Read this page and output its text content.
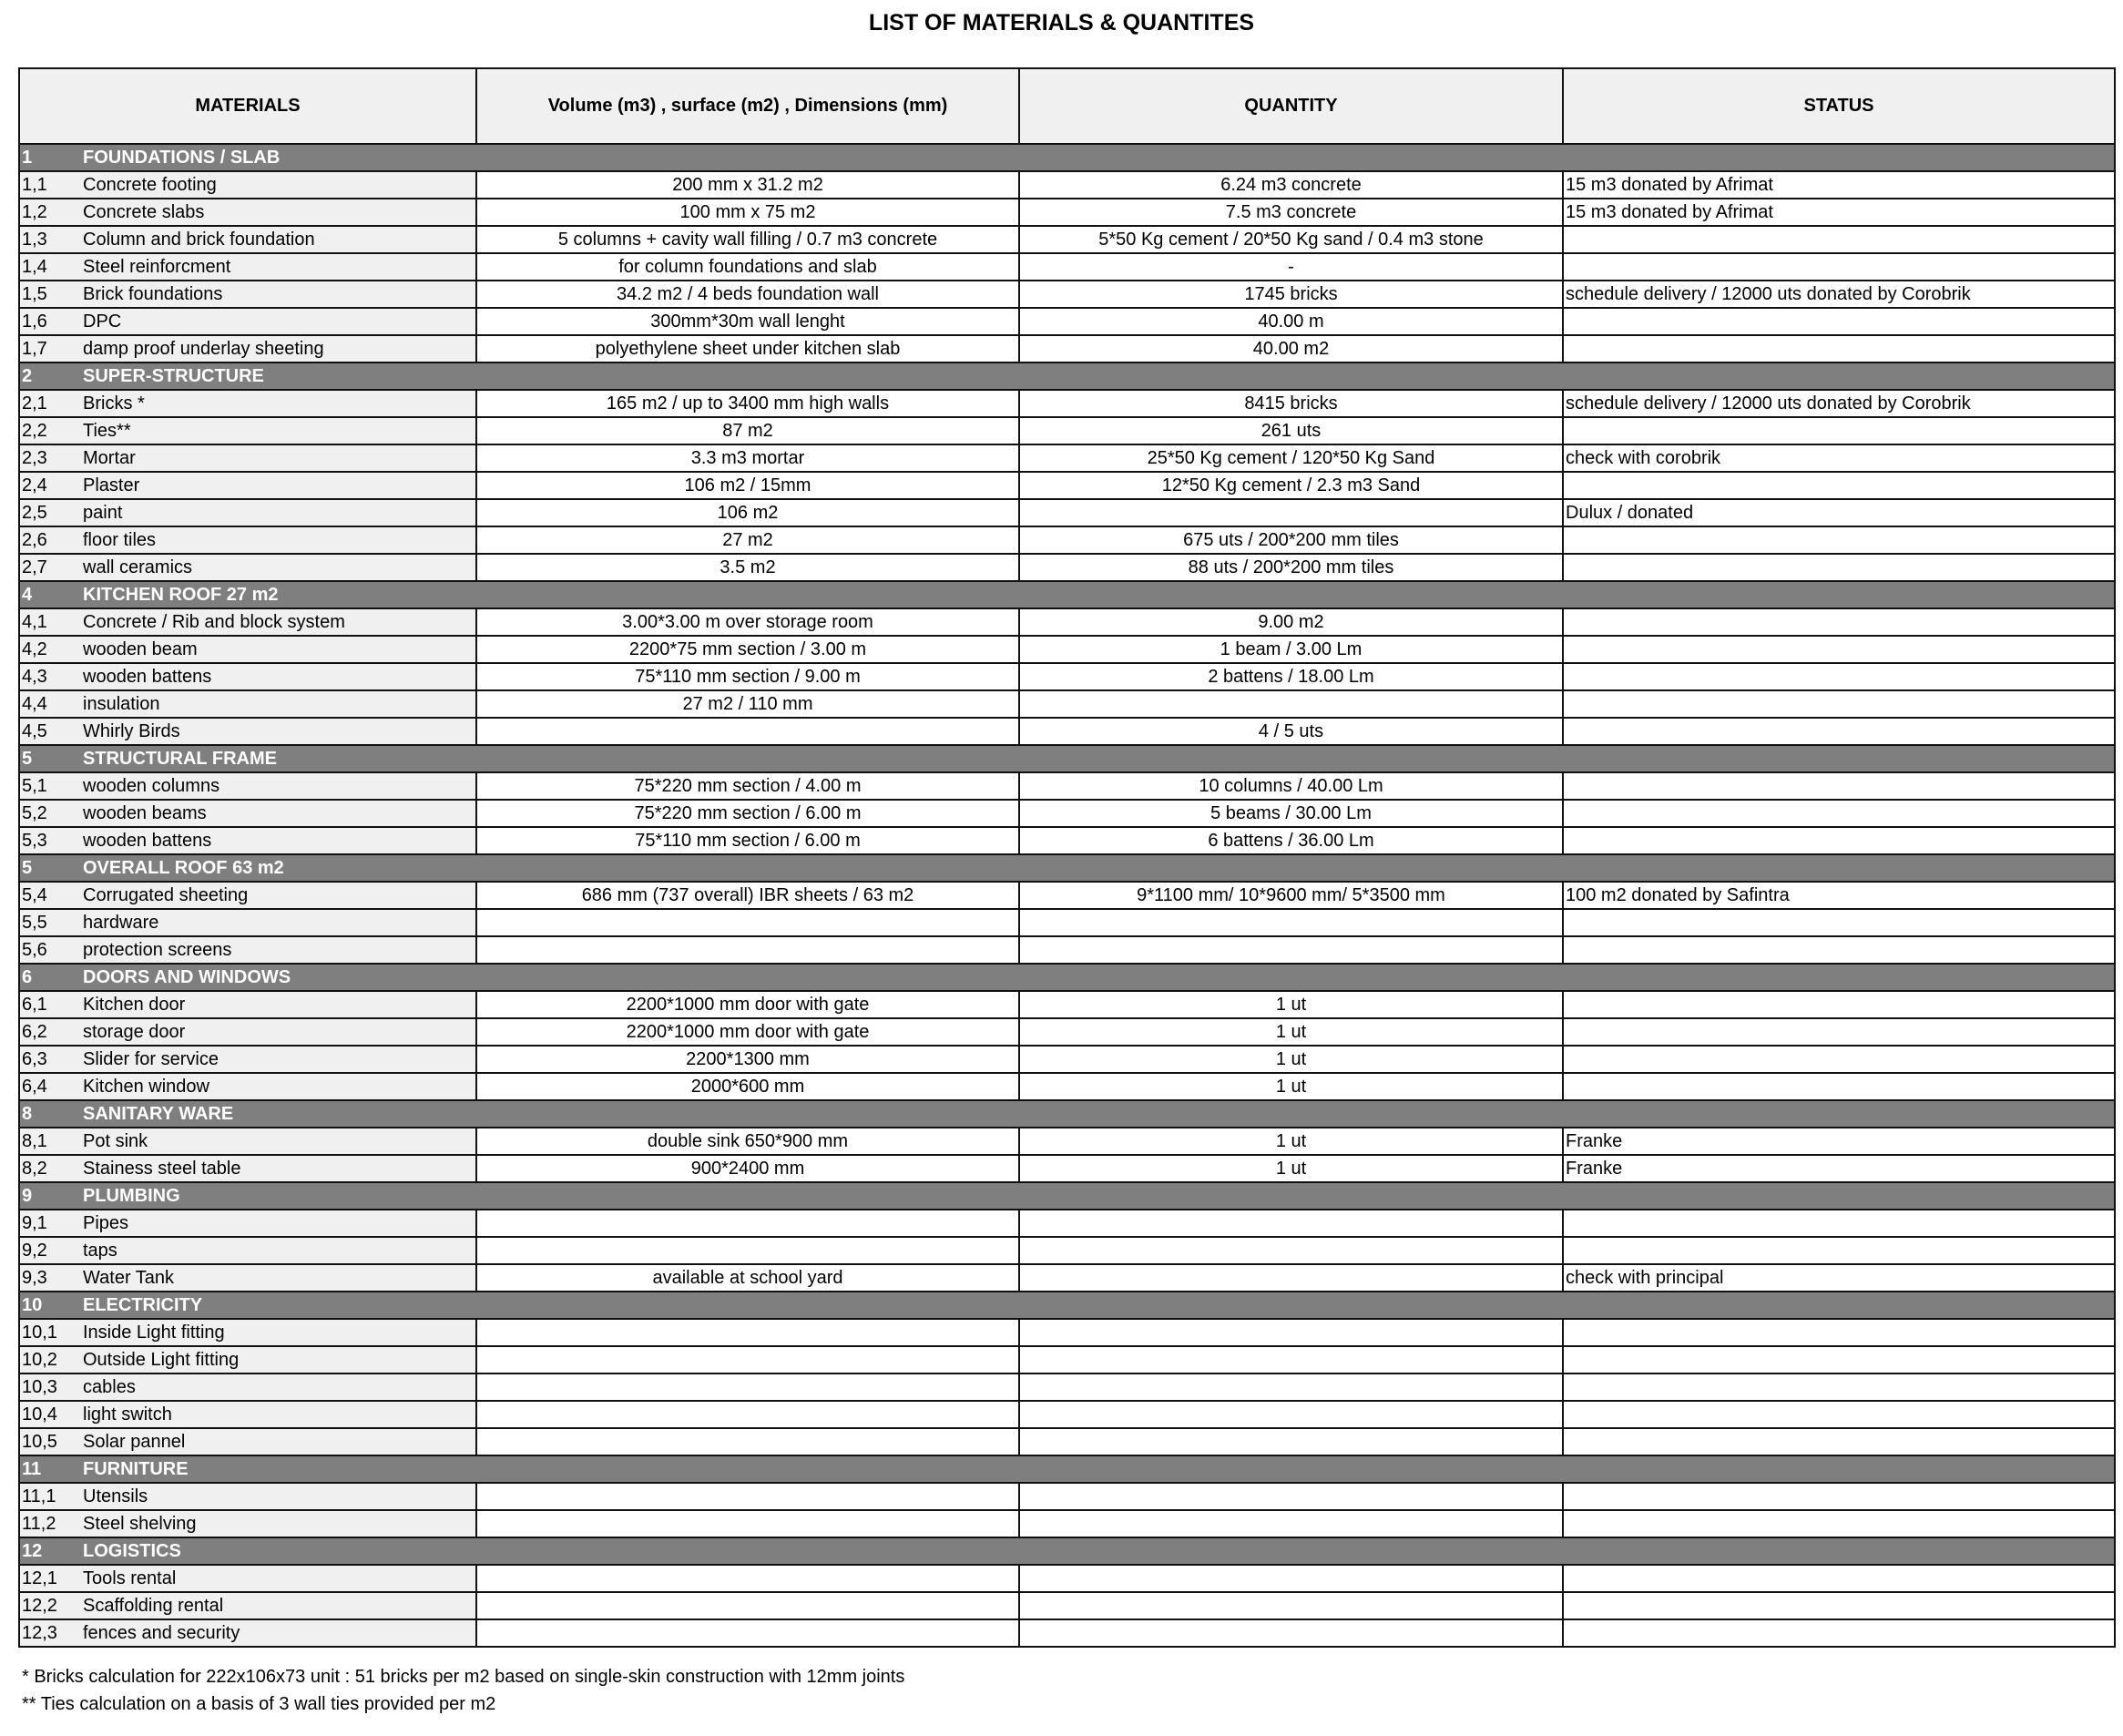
LIST OF MATERIALS & QUANTITES
MATERIALS		Volume (m3) , surface (m2) , Dimensions (mm)	QUANTITY	STATUS
1	FOUNDATIONS / SLAB			
1,1	Concrete footing	200 mm x 31.2 m2	6.24 m3 concrete	15 m3 donated by Afrimat
1,2	Concrete slabs	100 mm x 75 m2	7.5 m3 concrete	15 m3 donated by Afrimat
1,3	Column and brick foundation	5 columns + cavity wall filling / 0.7 m3 concrete	5*50 Kg cement / 20*50 Kg sand / 0.4 m3 stone	
1,4	Steel reinforcment	for column foundations and slab	-	
1,5	Brick foundations	34.2 m2 / 4 beds foundation wall	1745 bricks	schedule delivery / 12000 uts donated by Corobrik
1,6	DPC	300mm*30m wall lenght	40.00 m	
1,7	damp proof underlay sheeting	polyethylene sheet under kitchen slab	40.00 m2	
2	SUPER-STRUCTURE			
2,1	Bricks *	165 m2 / up to 3400 mm high walls	8415 bricks	schedule delivery / 12000 uts donated by Corobrik
2,2	Ties**	87 m2	261 uts	
2,3	Mortar	3.3 m3 mortar	25*50 Kg cement / 120*50 Kg Sand	check with corobrik
2,4	Plaster	106 m2 / 15mm	12*50 Kg cement / 2.3 m3 Sand	
2,5	paint	106 m2		Dulux / donated
2,6	floor tiles	27 m2	675 uts / 200*200 mm tiles	
2,7	wall ceramics	3.5 m2	88 uts / 200*200 mm tiles	
4	KITCHEN ROOF 27 m2			
4,1	Concrete / Rib and block system	3.00*3.00 m over storage room	9.00 m2	
4,2	wooden beam	2200*75 mm section / 3.00 m	1 beam / 3.00 Lm	
4,3	wooden battens	75*110 mm section / 9.00 m	2 battens / 18.00 Lm	
4,4	insulation	27 m2 / 110 mm		
4,5	Whirly Birds		4 / 5 uts	
5	STRUCTURAL FRAME			
5,1	wooden columns	75*220 mm section / 4.00 m	10 columns / 40.00 Lm	
5,2	wooden beams	75*220 mm section / 6.00 m	5 beams / 30.00 Lm	
5,3	wooden battens	75*110 mm section / 6.00 m	6 battens / 36.00 Lm	
5	OVERALL ROOF 63 m2			
5,4	Corrugated sheeting	686 mm (737 overall) IBR sheets / 63 m2	9*1100 mm/ 10*9600 mm/ 5*3500 mm	100 m2 donated by Safintra
5,5	hardware			
5,6	protection screens			
6	DOORS AND WINDOWS			
6,1	Kitchen door	2200*1000 mm door with gate	1 ut	
6,2	storage door	2200*1000 mm door with gate	1 ut	
6,3	Slider for service	2200*1300 mm	1 ut	
6,4	Kitchen window	2000*600 mm	1 ut	
8	SANITARY WARE			
8,1	Pot sink	double sink 650*900 mm	1 ut	Franke
8,2	Stainess steel table	900*2400 mm	1 ut	Franke
9	PLUMBING			
9,1	Pipes			
9,2	taps			
9,3	Water Tank	available at school yard		check with principal
10	ELECTRICITY			
10,1	Inside Light fitting			
10,2	Outside Light fitting			
10,3	cables			
10,4	light switch			
10,5	Solar pannel			
11	FURNITURE			
11,1	Utensils			
11,2	Steel shelving			
12	LOGISTICS			
12,1	Tools rental			
12,2	Scaffolding rental			
12,3	fences and security			
* Bricks calculation for 222x106x73 unit : 51 bricks per m2 based on single-skin construction with 12mm joints
** Ties calculation on a basis of 3 wall ties provided per m2
